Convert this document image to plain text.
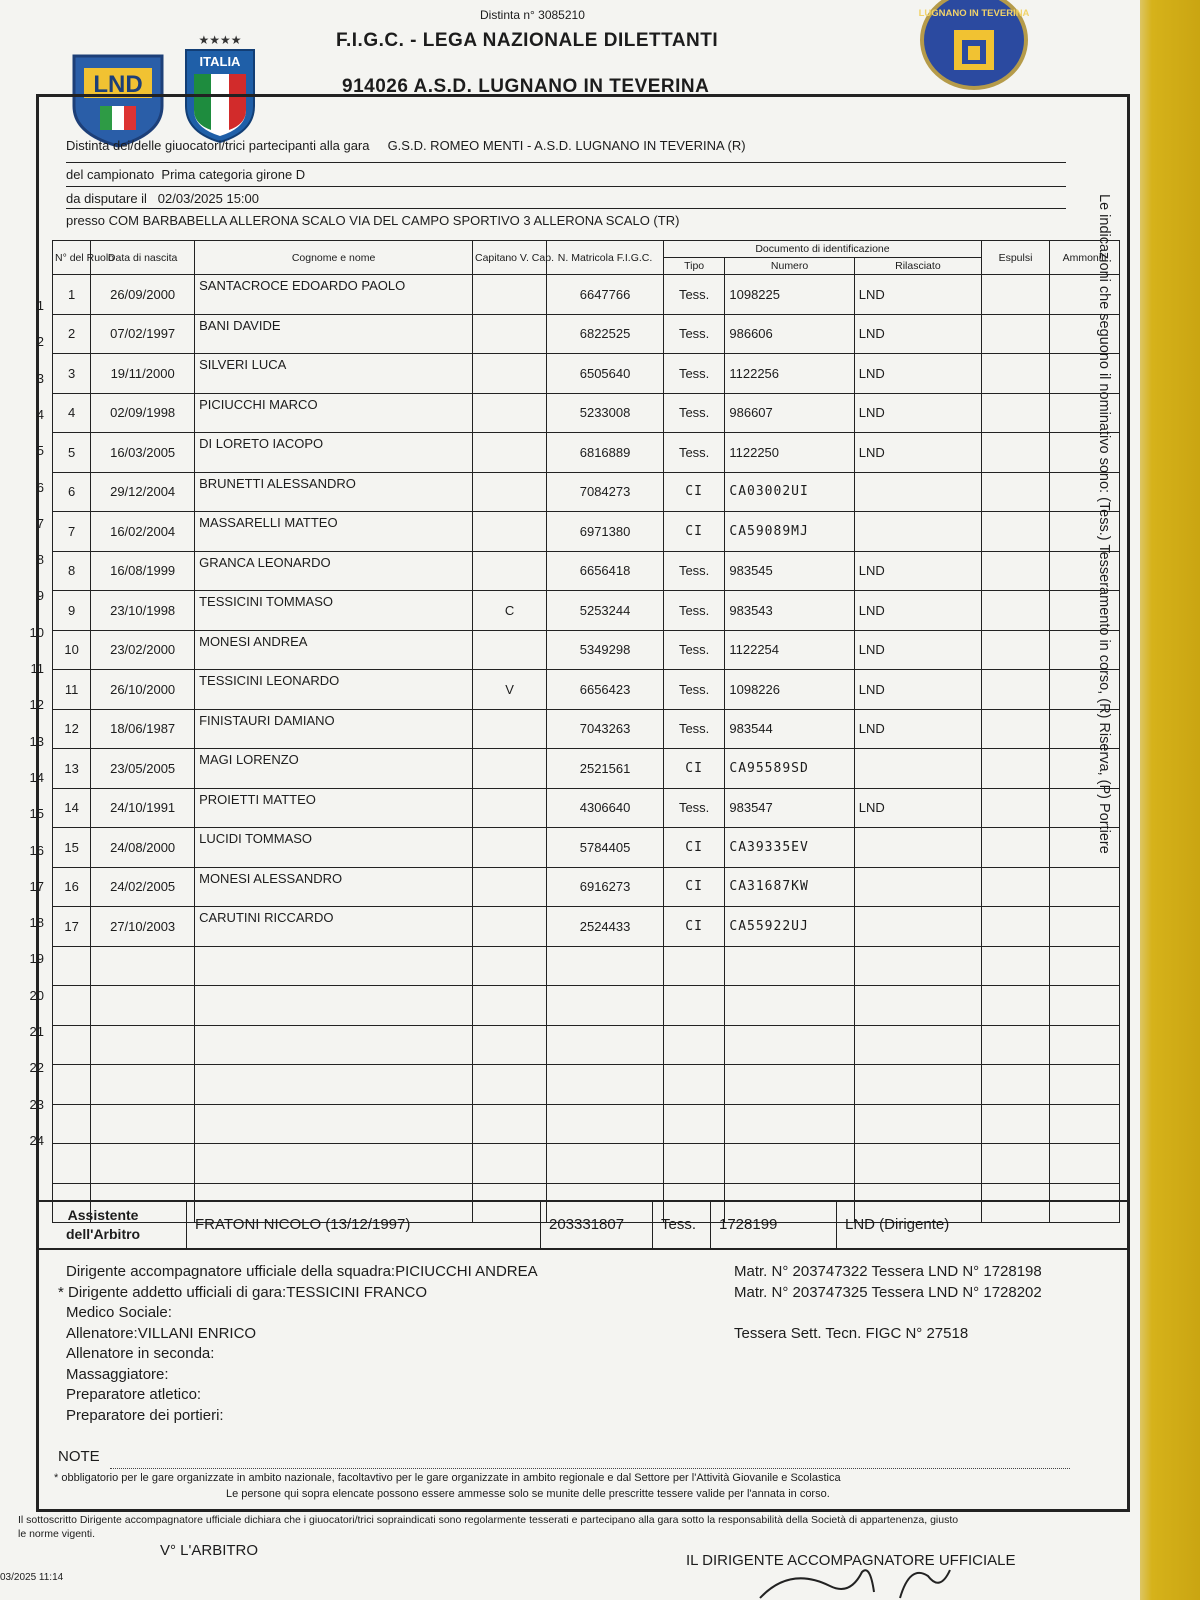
Distinta n° 3085210
F.I.G.C. - LEGA NAZIONALE DILETTANTI
914026 A.S.D. LUGNANO IN TEVERINA
LND
★★★★
ITALIA
LUGNANO IN TEVERINA
Distinta dei/delle giuocatori/trici partecipanti alla gara G.S.D. ROMEO MENTI - A.S.D. LUGNANO IN TEVERINA (R)
del campionato Prima categoria girone D
da disputare il 02/03/2025 15:00
presso COM BARBABELLA ALLERONA SCALO VIA DEL CAMPO SPORTIVO 3 ALLERONA SCALO (TR)
N° del Ruolo	Data di nascita	Cognome e nome	Capitano V. Cap.	N. Matricola F.I.G.C.	Documento di identificazione			Espulsi	Ammoniti
					Tipo	Numero	Rilasciato		
1	26/09/2000	SANTACROCE EDOARDO PAOLO		6647766	Tess.	1098225	LND		
2	07/02/1997	BANI DAVIDE		6822525	Tess.	986606	LND		
3	19/11/2000	SILVERI LUCA		6505640	Tess.	1122256	LND		
4	02/09/1998	PICIUCCHI MARCO		5233008	Tess.	986607	LND		
5	16/03/2005	DI LORETO IACOPO		6816889	Tess.	1122250	LND		
6	29/12/2004	BRUNETTI ALESSANDRO		7084273	CI	CA03002UI			
7	16/02/2004	MASSARELLI MATTEO		6971380	CI	CA59089MJ			
8	16/08/1999	GRANCA LEONARDO		6656418	Tess.	983545	LND		
9	23/10/1998	TESSICINI TOMMASO	C	5253244	Tess.	983543	LND		
10	23/02/2000	MONESI ANDREA		5349298	Tess.	1122254	LND		
11	26/10/2000	TESSICINI LEONARDO	V	6656423	Tess.	1098226	LND		
12	18/06/1987	FINISTAURI DAMIANO		7043263	Tess.	983544	LND		
13	23/05/2005	MAGI LORENZO		2521561	CI	CA95589SD			
14	24/10/1991	PROIETTI MATTEO		4306640	Tess.	983547	LND		
15	24/08/2000	LUCIDI TOMMASO		5784405	CI	CA39335EV			
16	24/02/2005	MONESI ALESSANDRO		6916273	CI	CA31687KW			
17	27/10/2003	CARUTINI RICCARDO		2524433	CI	CA55922UJ			

1
2
3
4
5
6
7
8
9
10
11
12
13
14
15
16
17
18
19
20
21
22
23
24
Le indicazioni che seguono il nominativo sono: (Tess.) Tesseramento in corso, (R) Riserva, (P) Portiere
Assistente
dell'Arbitro
FRATONI NICOLO (13/12/1997)	203331807	Tess.	1728199	LND (Dirigente)
Dirigente accompagnatore ufficiale della squadra:PICIUCCHI ANDREA
* Dirigente addetto ufficiali di gara:TESSICINI FRANCO
Medico Sociale:
Allenatore:VILLANI ENRICO
Allenatore in seconda:
Massaggiatore:
Preparatore atletico:
Preparatore dei portieri:
Matr. N° 203747322 Tessera LND N° 1728198
Matr. N° 203747325 Tessera LND N° 1728202
Tessera Sett. Tecn. FIGC N° 27518
NOTE
* obbligatorio per le gare organizzate in ambito nazionale, facoltavtivo per le gare organizzate in ambito regionale e dal Settore per l'Attività Giovanile e Scolastica
Le persone qui sopra elencate possono essere ammesse solo se munite delle prescritte tessere valide per l'annata in corso.
Il sottoscritto Dirigente accompagnatore ufficiale dichiara che i giuocatori/trici sopraindicati sono regolarmente tesserati e partecipano alla gara sotto la responsabilità della Società di appartenenza, giusto
le norme vigenti.
V° L'ARBITRO
IL DIRIGENTE ACCOMPAGNATORE UFFICIALE
03/2025 11:14
